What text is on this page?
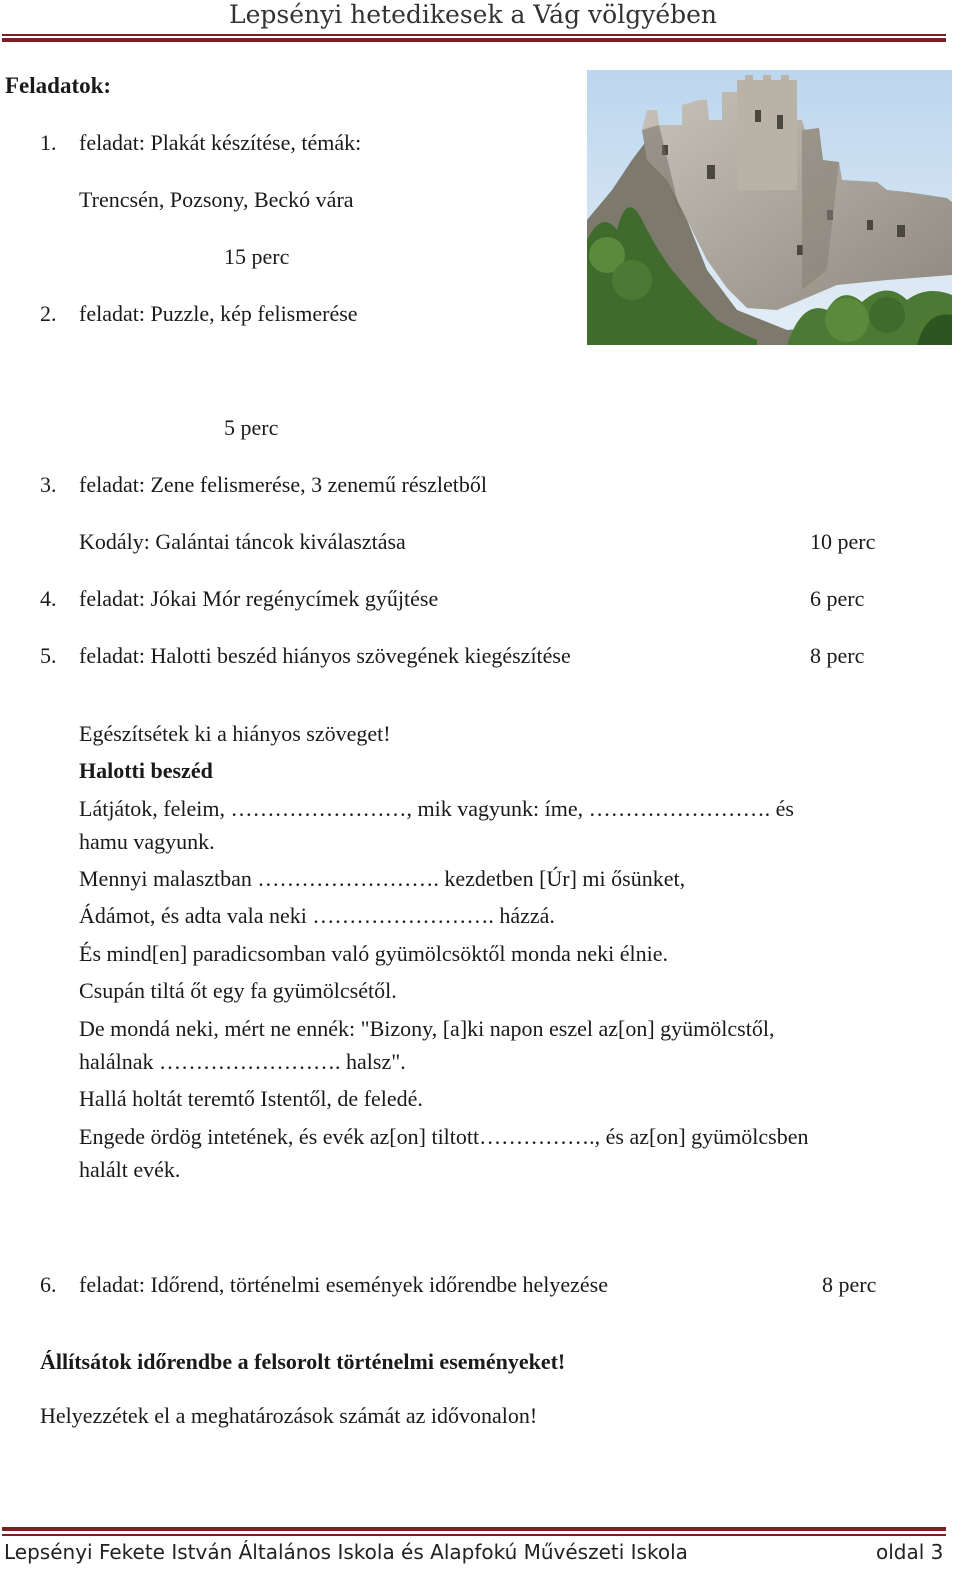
Lepsényi hetedikesek a Vág völgyében
Feladatok:
1. feladat: Plakát készítése, témák:
Trencsén, Pozsony, Beckó vára
15 perc
2. feladat: Puzzle, kép felismerése
5 perc
3. feladat: Zene felismerése, 3 zenemű részletből
Kodály: Galántai táncok kiválasztása	10 perc
4. feladat: Jókai Mór regénycímek gyűjtése	6 perc
5. feladat: Halotti beszéd hiányos szövegének kiegészítése	8 perc
Egészítsétek ki a hiányos szöveget!
Halotti beszéd
Látjátok, feleim, ……………………, mik vagyunk: íme, ……………………. és
hamu vagyunk.
Mennyi malasztban ……………………. kezdetben [Úr] mi ősünket,
Ádámot, és adta vala neki ……………………. házzá.
És mind[en] paradicsomban való gyümölcsöktől monda neki élnie.
Csupán tiltá őt egy fa gyümölcsétől.
De mondá neki, mért ne ennék: "Bizony, [a]ki napon eszel az[on] gyümölcstől,
halálnak ……………………. halsz".
Hallá holtát teremtő Istentől, de feledé.
Engede ördög intetének, és evék az[on] tiltott……………., és az[on] gyümölcsben
halált evék.
6. feladat: Időrend, történelmi események időrendbe helyezése	8 perc
Állítsátok időrendbe a felsorolt történelmi eseményeket!
Helyezzétek el a meghatározások számát az idővonalon!
Lepsényi Fekete István Általános Iskola és Alapfokú Művészeti Iskola	oldal 3
